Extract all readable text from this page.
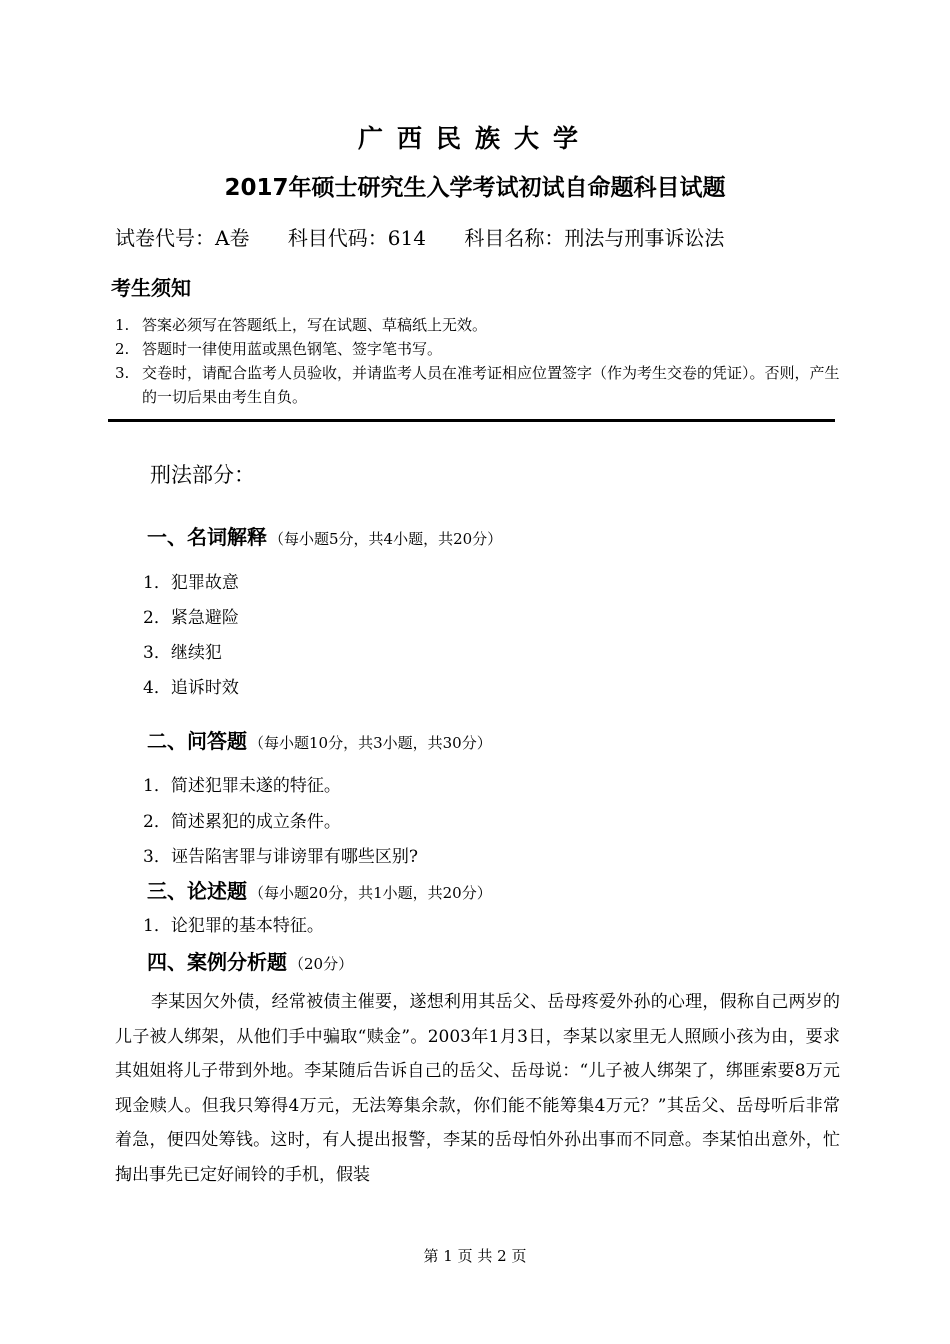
广西民族大学
2017年硕士研究生入学考试初试自命题科目试题
试卷代号：A卷 科目代码：614 科目名称：刑法与刑事诉讼法
考生须知
1. 答案必须写在答题纸上，写在试题、草稿纸上无效。
2. 答题时一律使用蓝或黑色钢笔、签字笔书写。
3. 交卷时，请配合监考人员验收，并请监考人员在准考证相应位置签字（作为考生交卷的凭证）。否则，产生的一切后果由考生自负。
刑法部分：
一、名词解释 （每小题5分，共4小题，共20分）
1．犯罪故意
2．紧急避险
3．继续犯
4．追诉时效
二、问答题 （每小题10分，共3小题，共30分）
1．简述犯罪未遂的特征。
2．简述累犯的成立条件。
3．诬告陷害罪与诽谤罪有哪些区别?
三、论述题 （每小题20分，共1小题，共20分）
1．论犯罪的基本特征。
四、案例分析题 （20分）
李某因欠外债，经常被债主催要，遂想利用其岳父、岳母疼爱外孙的心理，假称自己两岁的儿子被人绑架，从他们手中骗取“赎金”。2003年1月3日，李某以家里无人照顾小孩为由，要求其姐姐将儿子带到外地。李某随后告诉自己的岳父、岳母说：“儿子被人绑架了，绑匪索要8万元现金赎人。但我只筹得4万元，无法筹集余款，你们能不能筹集4万元？”其岳父、岳母听后非常着急，便四处筹钱。这时，有人提出报警，李某的岳母怕外孙出事而不同意。李某怕出意外，忙掏出事先已定好闹铃的手机，假装
第 1 页 共 2 页
